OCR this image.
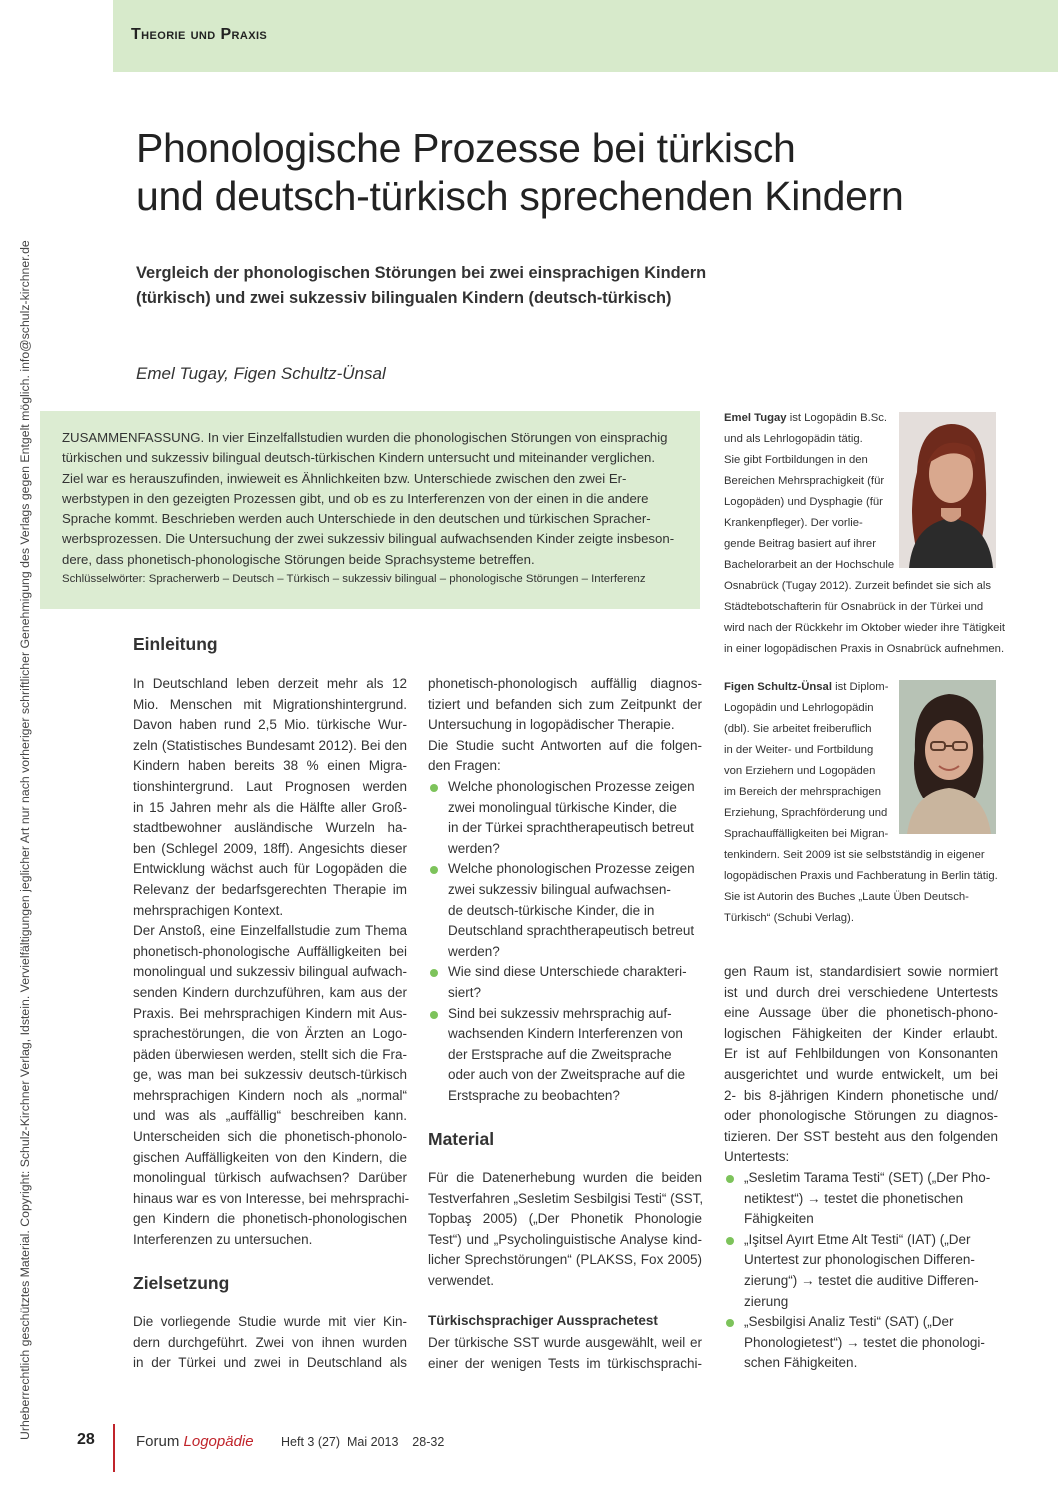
Theorie und Praxis
Urheberrechtlich geschütztes Material. Copyright: Schulz-Kirchner Verlag, Idstein. Vervielfältigungen jeglicher Art nur nach vorheriger schriftlicher Genehmigung des Verlags gegen Entgelt möglich. info@schulz-kirchner.de
Phonologische Prozesse bei türkisch
und deutsch-türkisch sprechenden Kindern
Vergleich der phonologischen Störungen bei zwei einsprachigen Kindern
(türkisch) und zwei sukzessiv bilingualen Kindern (deutsch-türkisch)
Emel Tugay, Figen Schultz-Ünsal
ZUSAMMENFASSUNG. In vier Einzelfallstudien wurden die phonologischen Störungen von einsprachig
türkischen und sukzessiv bilingual deutsch-türkischen Kindern untersucht und miteinander verglichen.
Ziel war es herauszufinden, inwieweit es Ähnlichkeiten bzw. Unterschiede zwischen den zwei Er-
werbstypen in den gezeigten Prozessen gibt, und ob es zu Interferenzen von der einen in die andere
Sprache kommt. Beschrieben werden auch Unterschiede in den deutschen und türkischen Spracher-
werbsprozessen. Die Untersuchung der zwei sukzessiv bilingual aufwachsenden Kinder zeigte insbeson-
dere, dass phonetisch-phonologische Störungen beide Sprachsysteme betreffen.
Schlüsselwörter: Spracherwerb – Deutsch – Türkisch – sukzessiv bilingual – phonologische Störungen – Interferenz
Emel Tugay ist Logopädin B.Sc.
und als Lehrlogopädin tätig.
Sie gibt Fortbildungen in den
Bereichen Mehrsprachigkeit (für
Logopäden) und Dysphagie (für
Krankenpfleger). Der vorlie-
gende Beitrag basiert auf ihrer
Bachelorarbeit an der Hochschule
Osnabrück (Tugay 2012). Zurzeit befindet sie sich als
Städtebotschafterin für Osnabrück in der Türkei und
wird nach der Rückkehr im Oktober wieder ihre Tätigkeit
in einer logopädischen Praxis in Osnabrück aufnehmen.
Figen Schultz-Ünsal ist Diplom-
Logopädin und Lehrlogopädin
(dbl). Sie arbeitet freiberuflich
in der Weiter- und Fortbildung
von Erziehern und Logopäden
im Bereich der mehrsprachigen
Erziehung, Sprachförderung und
Sprachauffälligkeiten bei Migran-
tenkindern. Seit 2009 ist sie selbstständig in eigener
logopädischen Praxis und Fachberatung in Berlin tätig.
Sie ist Autorin des Buches „Laute Üben Deutsch-
Türkisch“ (Schubi Verlag).
Einleitung
In Deutschland leben derzeit mehr als 12
Mio. Menschen mit Migrationshintergrund.
Davon haben rund 2,5 Mio. türkische Wur-
zeln (Statistisches Bundesamt 2012). Bei den
Kindern haben bereits 38 % einen Migra-
tionshintergrund. Laut Prognosen werden
in 15 Jahren mehr als die Hälfte aller Groß-
stadtbewohner ausländische Wurzeln ha-
ben (Schlegel 2009, 18ff). Angesichts dieser
Entwicklung wächst auch für Logopäden die
Relevanz der bedarfsgerechten Therapie im
mehrsprachigen Kontext.
Der Anstoß, eine Einzelfallstudie zum Thema
phonetisch-phonologische Auffälligkeiten bei
monolingual und sukzessiv bilingual aufwach-
senden Kindern durchzuführen, kam aus der
Praxis. Bei mehrsprachigen Kindern mit Aus-
sprachestörungen, die von Ärzten an Logo-
päden überwiesen werden, stellt sich die Fra-
ge, was man bei sukzessiv deutsch-türkisch
mehrsprachigen Kindern noch als „normal“
und was als „auffällig“ beschreiben kann.
Unterscheiden sich die phonetisch-phonolo-
gischen Auffälligkeiten von den Kindern, die
monolingual türkisch aufwachsen? Darüber
hinaus war es von Interesse, bei mehrsprachi-
gen Kindern die phonetisch-phonologischen
Interferenzen zu untersuchen.
Zielsetzung
Die vorliegende Studie wurde mit vier Kin-
dern durchgeführt. Zwei von ihnen wurden
in der Türkei und zwei in Deutschland als
phonetisch-phonologisch auffällig diagnos-
tiziert und befanden sich zum Zeitpunkt der
Untersuchung in logopädischer Therapie.
Die Studie sucht Antworten auf die folgen-
den Fragen:
Welche phonologischen Prozesse zeigen
zwei monolingual türkische Kinder, die
in der Türkei sprachtherapeutisch betreut
werden?
Welche phonologischen Prozesse zeigen
zwei sukzessiv bilingual aufwachsen-
de deutsch-türkische Kinder, die in
Deutschland sprachtherapeutisch betreut
werden?
Wie sind diese Unterschiede charakteri-
siert?
Sind bei sukzessiv mehrsprachig auf-
wachsenden Kindern Interferenzen von
der Erstsprache auf die Zweitsprache
oder auch von der Zweitsprache auf die
Erstsprache zu beobachten?
Material
Für die Datenerhebung wurden die beiden
Testverfahren „Sesletim Sesbilgisi Testi“ (SST,
Topbaş 2005) („Der Phonetik Phonologie
Test“) und „Psycholinguistische Analyse kind-
licher Sprechstörungen“ (PLAKSS, Fox 2005)
verwendet.
Türkischsprachiger Aussprachetest
Der türkische SST wurde ausgewählt, weil er
einer der wenigen Tests im türkischsprachi-
gen Raum ist, standardisiert sowie normiert
ist und durch drei verschiedene Untertests
eine Aussage über die phonetisch-phono-
logischen Fähigkeiten der Kinder erlaubt.
Er ist auf Fehlbildungen von Konsonanten
ausgerichtet und wurde entwickelt, um bei
2- bis 8-jährigen Kindern phonetische und/
oder phonologische Störungen zu diagnos-
tizieren. Der SST besteht aus den folgenden
Untertests:
„Sesletim Tarama Testi“ (SET) („Der Pho-
netiktest“) → testet die phonetischen
Fähigkeiten
„Işitsel Ayırt Etme Alt Testi“ (IAT) („Der
Untertest zur phonologischen Differen-
zierung“) → testet die auditive Differen-
zierung
„Sesbilgisi Analiz Testi“ (SAT) („Der
Phonologietest“) → testet die phonologi-
schen Fähigkeiten.
28	Forum Logopädie Heft 3 (27)  Mai 2013    28-32
